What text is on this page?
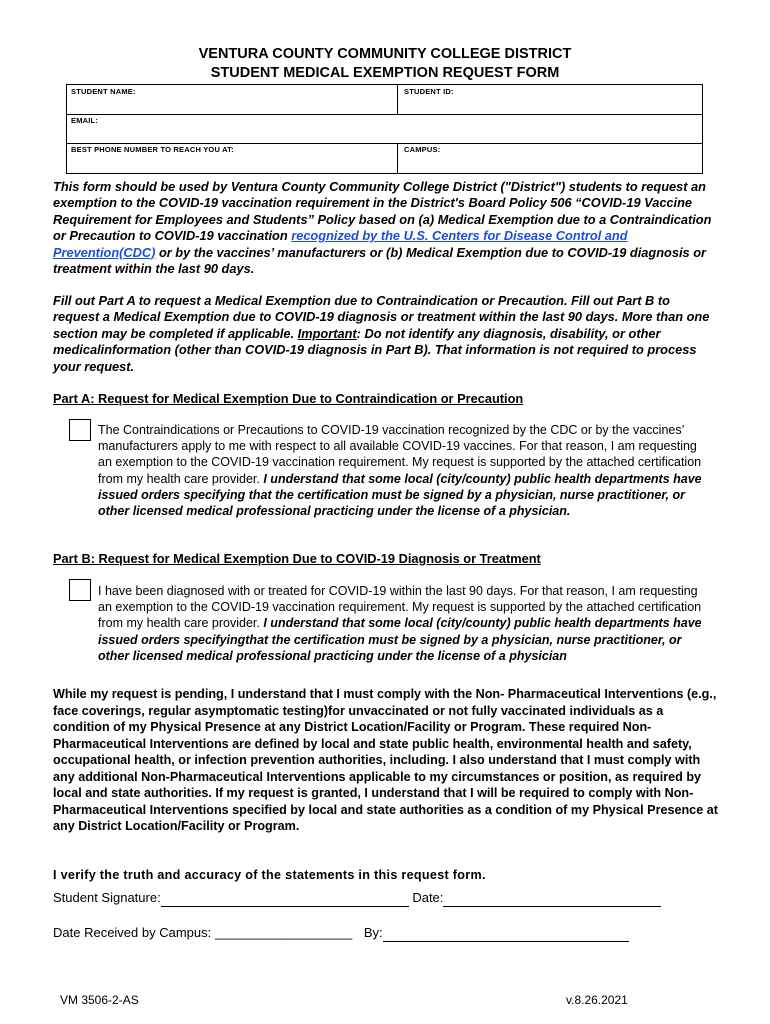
VENTURA COUNTY COMMUNITY COLLEGE DISTRICT
STUDENT MEDICAL EXEMPTION REQUEST FORM
STUDENT NAME:	STUDENT ID:
EMAIL:
BEST PHONE NUMBER TO REACH YOU AT:	CAMPUS:
This form should be used by Ventura County Community College District ("District") students to request an exemption to the COVID-19 vaccination requirement in the District's Board Policy 506 “COVID-19 Vaccine Requirement for Employees and Students” Policy based on (a) Medical Exemption due to a Contraindication or Precaution to COVID-19 vaccination recognized by the U.S. Centers for Disease Control and Prevention(CDC) or by the vaccines’ manufacturers or (b) Medical Exemption due to COVID-19 diagnosis or treatment within the last 90 days.
Fill out Part A to request a Medical Exemption due to Contraindication or Precaution. Fill out Part B to request a Medical Exemption due to COVID-19 diagnosis or treatment within the last 90 days. More than one section may be completed if applicable. Important: Do not identify any diagnosis, disability, or other medicalinformation (other than COVID-19 diagnosis in Part B). That information is not required to process your request.
Part A: Request for Medical Exemption Due to Contraindication or Precaution
The Contraindications or Precautions to COVID-19 vaccination recognized by the CDC or by the vaccines’ manufacturers apply to me with respect to all available COVID-19 vaccines. For that reason, I am requesting an exemption to the COVID-19 vaccination requirement. My request is supported by the attached certification from my health care provider. I understand that some local (city/county) public health departments have issued orders specifying that the certification must be signed by a physician, nurse practitioner, or other licensed medical professional practicing under the license of a physician.
Part B: Request for Medical Exemption Due to COVID-19 Diagnosis or Treatment
I have been diagnosed with or treated for COVID-19 within the last 90 days. For that reason, I am requesting an exemption to the COVID-19 vaccination requirement. My request is supported by the attached certification from my health care provider. I understand that some local (city/county) public health departments have issued orders specifyingthat the certification must be signed by a physician, nurse practitioner, or other licensed medical professional practicing under the license of a physician
While my request is pending, I understand that I must comply with the Non- Pharmaceutical Interventions (e.g., face coverings, regular asymptomatic testing)for unvaccinated or not fully vaccinated individuals as a condition of my Physical Presence at any District Location/Facility or Program. These required Non-Pharmaceutical Interventions are defined by local and state public health, environmental health and safety, occupational health, or infection prevention authorities, including. I also understand that I must comply with any additional Non-Pharmaceutical Interventions applicable to my circumstances or position, as required by local and state authorities. If my request is granted, I understand that I will be required to comply with Non-Pharmaceutical Interventions specified by local and state authorities as a condition of my Physical Presence at any District Location/Facility or Program.
I verify the truth and accuracy of the statements in this request form.
Student Signature:	Date:
Date Received by Campus: ___________________ By:
VM 3506-2-AS	v.8.26.2021
